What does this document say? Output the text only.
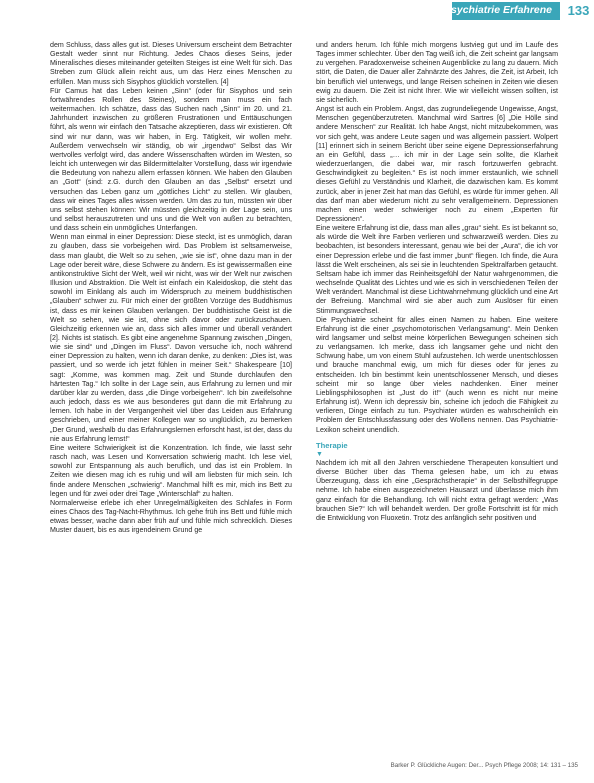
Psychiatrie Erfahrene	133

dem Schluss, dass alles gut ist. Dieses Universum erscheint dem Betrachter Gestalt weder sinnt nur Richtung. Jedes Chaos dieses Seins, jeder Mineralisches dieses miteinander geteilten Steiges ist eine Welt für sich. Das Streben zum Glück allein reicht aus, um das Herz eines Menschen zu erfüllen. Man muss sich Sisyphos glücklich vorstellen. [4]

Für Camus hat das Leben keinen „Sinn“ (oder für Sisyphos und sein fortwährendes Rollen des Steines), sondern man muss ein fach weitermachen. Ich schätze, dass das Suchen nach „Sinn“ im 20. und 21. Jahrhundert inzwischen zu größeren Frustrationen und Enttäuschungen führt, als wenn wir einfach den Tatsache akzeptieren, dass wir existieren. Oft sind wir nur dann, was wir haben, in Erg. Tätigkeit, wir wollen mehr. Außerdem verwechseln wir ständig, ob wir „irgendwo“ Selbst das Wir wertvolles verfolgt wird, das andere Wissenschaften würden im Westen, so leicht ich unterwegen wir das Bildermittelalter Vorstellung, dass wir irgendwie die Bedeutung von nahezu allem erfassen können. Wie haben den Glauben an „Gott“ (sind: z.G. durch den Glauben an das „Selbst“ ersetzt und versuchen das Leben ganz um „göttliches Licht“ zu stellen. Wir glauben, dass wir eines Tages alles wissen werden. Um das zu tun, müssten wir über uns selbst stehen können: Wir müssten gleichzeitig in der Lage sein, uns und selbst herauszutreten und uns und die Welt von außen zu betrachten, und dass schein ein unmögliches Unterfangen.

Wenn man einmal in einer Depression: Diese steckt, ist es unmöglich, daran zu glauben, dass sie vorbeigehen wird. Das Problem ist seltsamerweise, dass man glaubt, die Welt so zu sehen, „wie sie ist“, ohne dazu man in der Lage oder bereit wäre, diese Schwere zu ändern. Es ist gewissermaßen eine antikonstruktive Sicht der Welt, weil wir nicht, was wir der Welt nur zwischen Illusion und Abstraktion. Die Welt ist einfach ein Kaleidoskop, die steht das sowohl im Einklang als auch im Widerspruch zu meinem buddhistischen „Glauben“ schwer zu. Für mich einer der größten Vorzüge des Buddhismus ist, dass es mir keinen Glauben verlangen. Der buddhistische Geist ist die Welt so sehen, wie sie ist, ohne sich davor oder zurückzuschauen. Gleichzeitig erkennen wie an, dass sich alles immer und überall verändert [2]. Nichts ist statisch. Es gibt eine angenehme Spannung zwischen „Dingen, wie sie sind“ und „Dingen im Fluss“. Davon versuche ich, noch während einer Depression zu halten, wenn ich daran denke, zu denken: „Dies ist, was passiert, und so werde ich jetzt fühlen in meiner Seit.“ Shakespeare [10] sagt: „Komme, was kommen mag. Zeit und Stunde durchlaufen den härtesten Tag.“ Ich sollte in der Lage sein, aus Erfahrung zu lernen und mir darüber klar zu werden, dass „die Dinge vorbeigehen“. Ich bin zweifelsohne auch jedoch, dass es wie aus besonderes gut dann die mit Erfahrung zu lernen. Ich habe in der Vergangenheit viel über das Leiden aus Erfahrung geschrieben, und einer meiner Kollegen war so unglücklich, zu bemerken „Der Grund, weshalb du das Erfahrungslernen erforscht hast, ist der, dass du nie aus Erfahrung lernst!“

Eine weitere Schwierigkeit ist die Konzentration. Ich finde, wie lasst sehr rasch nach, was Lesen und Konversation schwierig macht. Ich lese viel, sowohl zur Entspannung als auch beruflich, und das ist ein Problem. In Zeiten wie diesen mag ich es ruhig und will am liebsten für mich sein. Ich finde andere Menschen „schwierig“. Manchmal hilft es mir, mich ins Bett zu legen und für zwei oder drei Tage „Winterschlaf“ zu halten.

Normalerweise erlebe ich eher Unregelmäßigkeiten des Schlafes in Form eines Chaos des Tag-Nacht-Rhythmus. Ich gehe früh ins Bett und fühle mich etwas besser, wache dann aber früh auf und fühle mich schrecklich. Dieses Muster dauert, bis es aus irgendeinem Grund ge

und anders herum. Ich fühle mich morgens lustvieg gut und im Laufe des Tages immer schlechter. Über den Tag weiß ich, die Zeit scheint gar langsam zu vergehen. Paradoxerweise scheinen Augenblicke zu lang zu dauern. Mich stört, die Daten, die Dauer aller Zahnärzte des Jahres, die Zeit, ist Arbeit, Ich bin beruflich viel unterwegs, und lange Reisen scheinen in Zeiten wie diesen ewig zu dauern. Die Zeit ist nicht Ihrer. Wie wir vielleicht wissen sollten, ist sie sicherlich.

Angst ist auch ein Problem. Angst, das zugrundeliegende Ungewisse, Angst, Menschen gegenüberzutreten. Manchmal wird Sartres [6] „Die Hölle sind andere Menschen“ zur Realität. Ich habe Angst, nicht mitzubekommen, was vor sich geht, was andere Leute sagen und was allgemein passiert. Wolpert [11] erinnert sich in seinem Bericht über seine eigene Depressionserfahrung an ein Gefühl, dass „… ich mir in der Lage sein sollte, die Klarheit wiederzuerlangen, die dabei war, mir rasch fortzuwerfen gebracht. Geschwindigkeit zu begleiten.“ Es ist noch immer erstaunlich, wie schnell dieses Gefühl zu Verständnis und Klarheit, die dazwischen kam. Es kommt zurück, aber in jener Zeit hat man das Gefühl, es würde für immer gehen. All das darf man aber wiederum nicht zu sehr verallgemeinern. Depressionen machen einen weder schwieriger noch zu einem „Experten für Depressionen“.

Eine weitere Erfahrung ist die, dass man alles „grau“ sieht. Es ist bekannt so, als würde die Welt ihre Farben verlieren und schwarzweiß werden. Dies zu beobachten, ist besonders interessant, genau wie bei der „Aura“, die ich vor einer Depression erlebe und die fast immer „bunt“ fliegen. Ich finde, die Aura lässt die Welt erscheinen, als sei sie in leuchtenden Spektralfarben getaucht. Seltsam habe ich immer das Reinheitsgefühl der Natur wahrgenommen, die wechselnde Qualität des Lichtes und wie es sich in verschiedenen Teilen der Welt verändert. Manchmal ist diese Lichtwahrnehmung glücklich und eine Art der Befreiung. Manchmal wird sie aber auch zum Auslöser für einen Stimmungswechsel.

Die Psychiatrie scheint für alles einen Namen zu haben. Eine weitere Erfahrung ist die einer „psychomotorischen Verlangsamung“. Mein Denken wird langsamer und selbst meine körperlichen Bewegungen scheinen sich zu verlangsamen. Ich merke, dass ich langsamer gehe und nicht den Schwung habe, um von einem Stuhl aufzustehen. Ich werde unentschlossen und brauche manchmal ewig, um mich für dieses oder für jenes zu entscheiden. Ich bin bestimmt kein unentschlossener Mensch, und dieses scheint mir so lange über vieles nachdenken. Einer meiner Lieblingsphilosophen ist „Just do it!“ (auch wenn es nicht nur meine Erfahrung ist). Wenn ich depressiv bin, scheine ich jedoch die Fähigkeit zu verlieren, Dinge einfach zu tun. Psychiater würden es wahrscheinlich ein Problem der Entschlussfassung oder des Wollens nennen. Das Psychiatrie-Lexikon scheint unendlich.

Therapie
▼

Nachdem ich mit all den Jahren verschiedene Therapeuten konsultiert und diverse Bücher über das Thema gelesen habe, um ich zu etwas Überzeugung, dass ich eine „Gesprächstherapie“ in der Selbsthilfegruppe nehme. Ich habe einen ausgezeichneten Hausarzt und überlasse mich ihm ganz einfach für die Behandlung. Ich will nicht extra gefragt werden: „Was brauchen Sie?“ Ich will behandelt werden. Der große Fortschritt ist für mich die Entwicklung von Fluoxetin. Trotz des anfänglich sehr positiven und

Barker P. Glückliche Augen: Der... Psych Pflege 2008; 14: 131 – 135
